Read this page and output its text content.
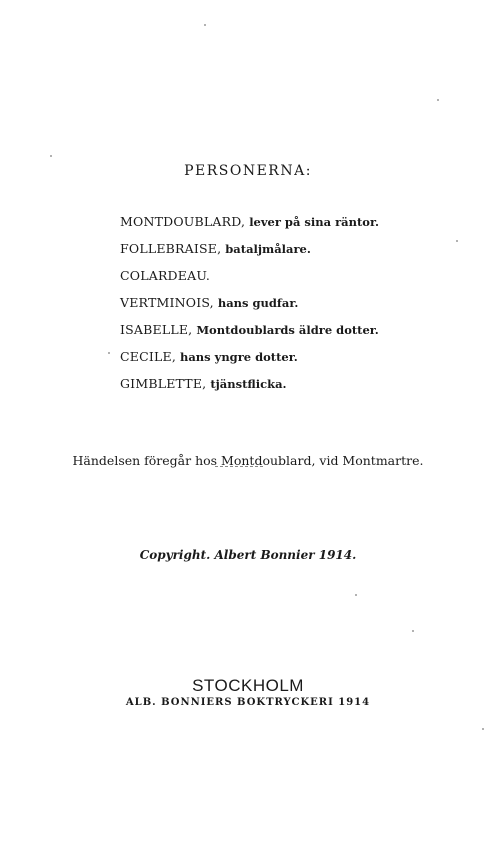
PERSONERNA:
MONTDOUBLARD, lever på sina räntor.
FOLLEBRAISE, bataljmålare.
COLARDEAU.
VERTMINOIS, hans gudfar.
ISABELLE, Montdoublards äldre dotter.
CECILE, hans yngre dotter.
GIMBLETTE, tjänstflicka.
Händelsen föregår hos Montdoublard, vid Montmartre.
Copyright. Albert Bonnier 1914.
STOCKHOLM
ALB. BONNIERS BOKTRYCKERI 1914
